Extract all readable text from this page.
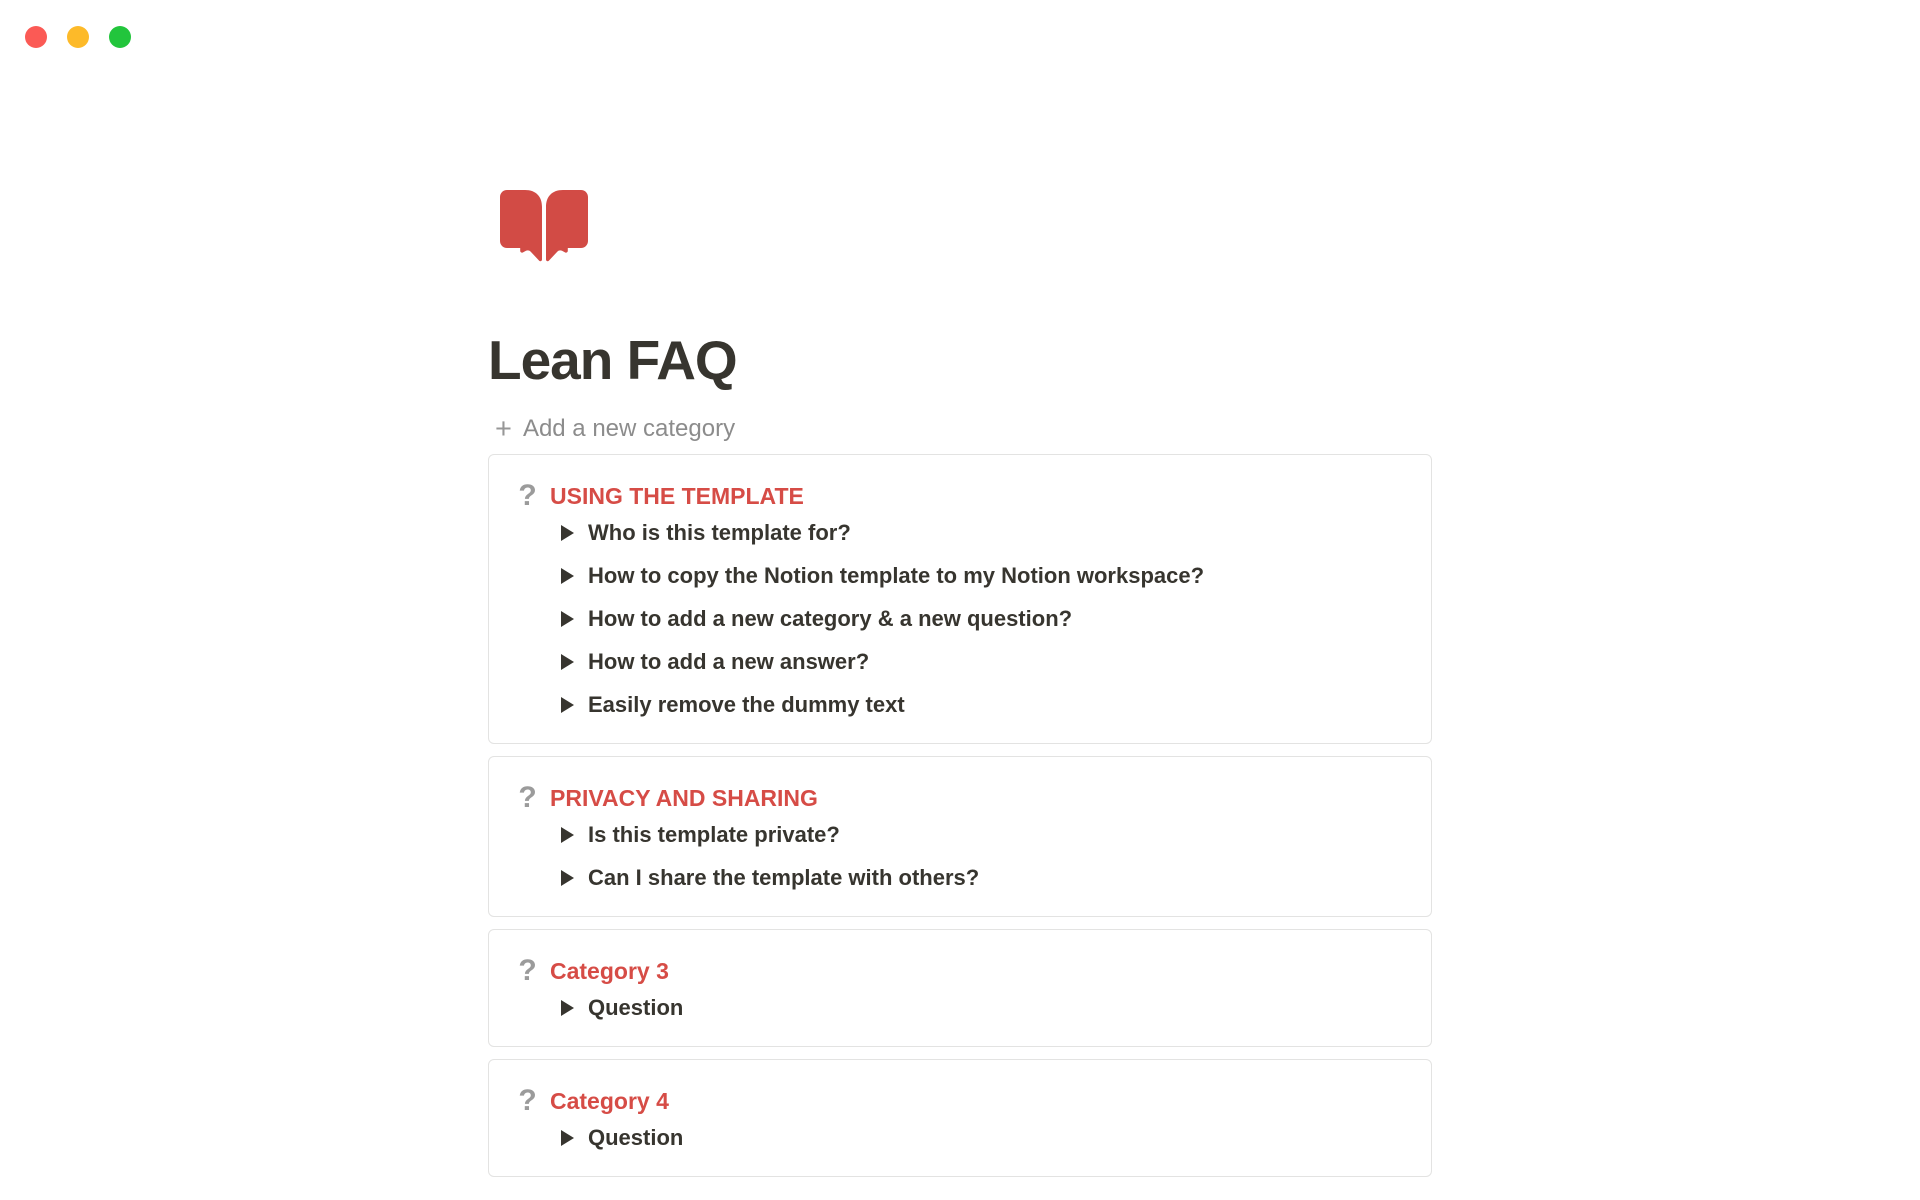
Lean FAQ
+ Add a new category
? USING THE TEMPLATE
Who is this template for?
How to copy the Notion template to my Notion workspace?
How to add a new category & a new question?
How to add a new answer?
Easily remove the dummy text
? PRIVACY AND SHARING
Is this template private?
Can I share the template with others?
? Category 3
Question
? Category 4
Question
